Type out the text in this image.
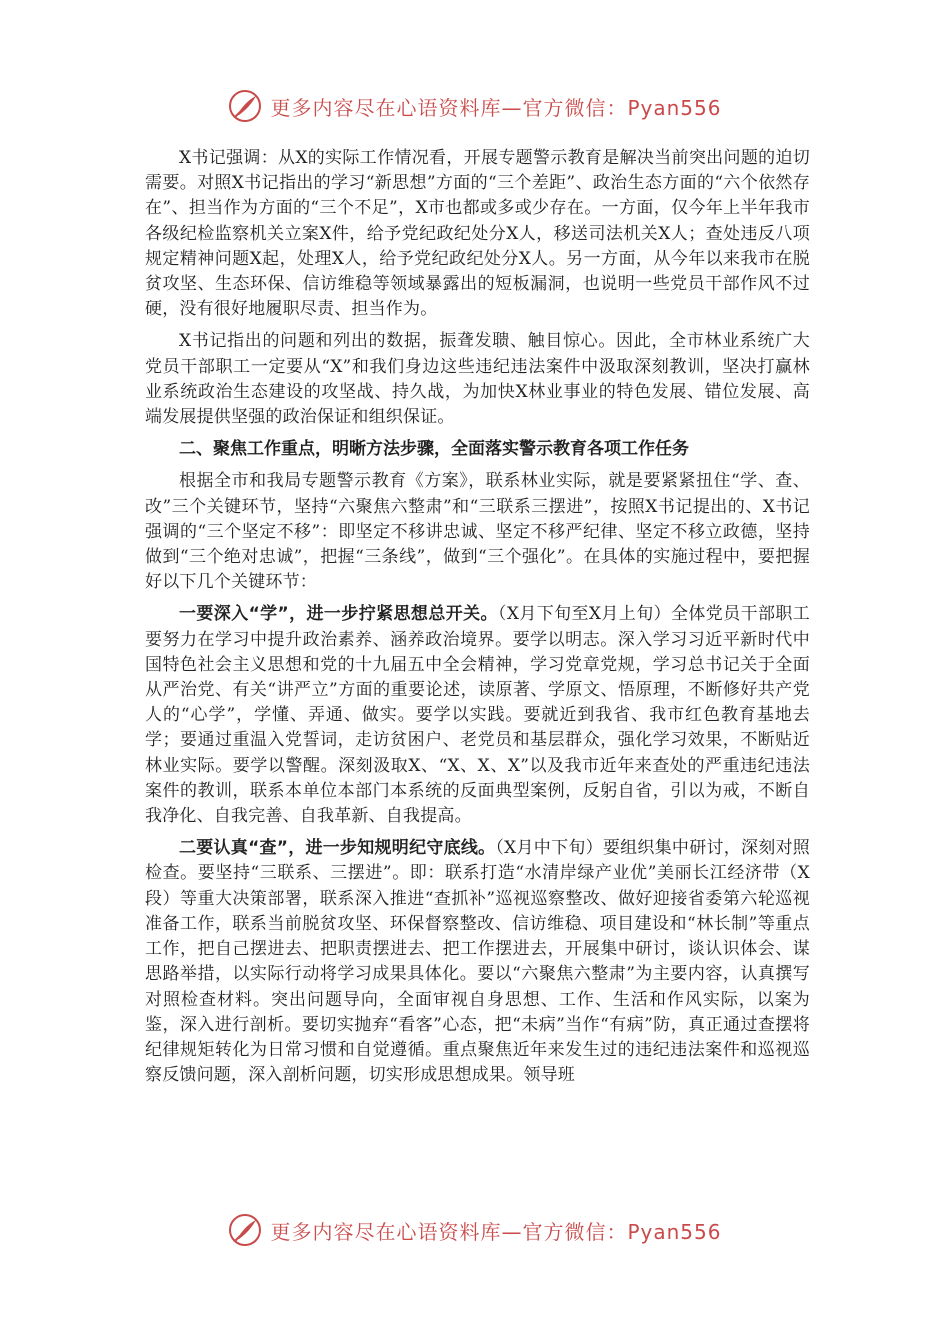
更多内容尽在心语资料库—官方微信：Pyan556

X书记强调：从X的实际工作情况看，开展专题警示教育是解决当前突出问题的迫切需要。对照X书记指出的学习“新思想”方面的“三个差距”、政治生态方面的“六个依然存在”、担当作为方面的“三个不足”，X市也都或多或少存在。一方面，仅今年上半年我市各级纪检监察机关立案X件，给予党纪政纪处分X人，移送司法机关X人；查处违反八项规定精神问题X起，处理X人，给予党纪政纪处分X人。另一方面，从今年以来我市在脱贫攻坚、生态环保、信访维稳等领域暴露出的短板漏洞，也说明一些党员干部作风不过硬，没有很好地履职尽责、担当作为。

X书记指出的问题和列出的数据，振聋发聩、触目惊心。因此，全市林业系统广大党员干部职工一定要从“X”和我们身边这些违纪违法案件中汲取深刻教训，坚决打赢林业系统政治生态建设的攻坚战、持久战，为加快X林业事业的特色发展、错位发展、高端发展提供坚强的政治保证和组织保证。

二、聚焦工作重点，明晰方法步骤，全面落实警示教育各项工作任务

根据全市和我局专题警示教育《方案》，联系林业实际，就是要紧紧扭住“学、查、改”三个关键环节，坚持“六聚焦六整肃”和“三联系三摆进”，按照X书记提出的、X书记强调的“三个坚定不移”：即坚定不移讲忠诚、坚定不移严纪律、坚定不移立政德，坚持做到“三个绝对忠诚”，把握“三条线”，做到“三个强化”。在具体的实施过程中，要把握好以下几个关键环节：

一要深入“学”，进一步拧紧思想总开关。（X月下旬至X月上旬）全体党员干部职工要努力在学习中提升政治素养、涵养政治境界。要学以明志。深入学习习近平新时代中国特色社会主义思想和党的十九届五中全会精神，学习党章党规，学习总书记关于全面从严治党、有关“讲严立”方面的重要论述，读原著、学原文、悟原理，不断修好共产党人的“心学”，学懂、弄通、做实。要学以实践。要就近到我省、我市红色教育基地去学；要通过重温入党誓词，走访贫困户、老党员和基层群众，强化学习效果，不断贴近林业实际。要学以警醒。深刻汲取X、“X、X、X”以及我市近年来查处的严重违纪违法案件的教训，联系本单位本部门本系统的反面典型案例，反躬自省，引以为戒，不断自我净化、自我完善、自我革新、自我提高。

二要认真“查”，进一步知规明纪守底线。（X月中下旬）要组织集中研讨，深刻对照检查。要坚持“三联系、三摆进”。即：联系打造“水清岸绿产业优”美丽长江经济带（X段）等重大决策部署，联系深入推进“查抓补”巡视巡察整改、做好迎接省委第六轮巡视准备工作，联系当前脱贫攻坚、环保督察整改、信访维稳、项目建设和“林长制”等重点工作，把自己摆进去、把职责摆进去、把工作摆进去，开展集中研讨，谈认识体会、谋思路举措，以实际行动将学习成果具体化。要以“六聚焦六整肃”为主要内容，认真撰写对照检查材料。突出问题导向，全面审视自身思想、工作、生活和作风实际，以案为鉴，深入进行剖析。要切实抛弃“看客”心态，把“未病”当作“有病”防，真正通过查摆将纪律规矩转化为日常习惯和自觉遵循。重点聚焦近年来发生过的违纪违法案件和巡视巡察反馈问题，深入剖析问题，切实形成思想成果。领导班

更多内容尽在心语资料库—官方微信：Pyan556
